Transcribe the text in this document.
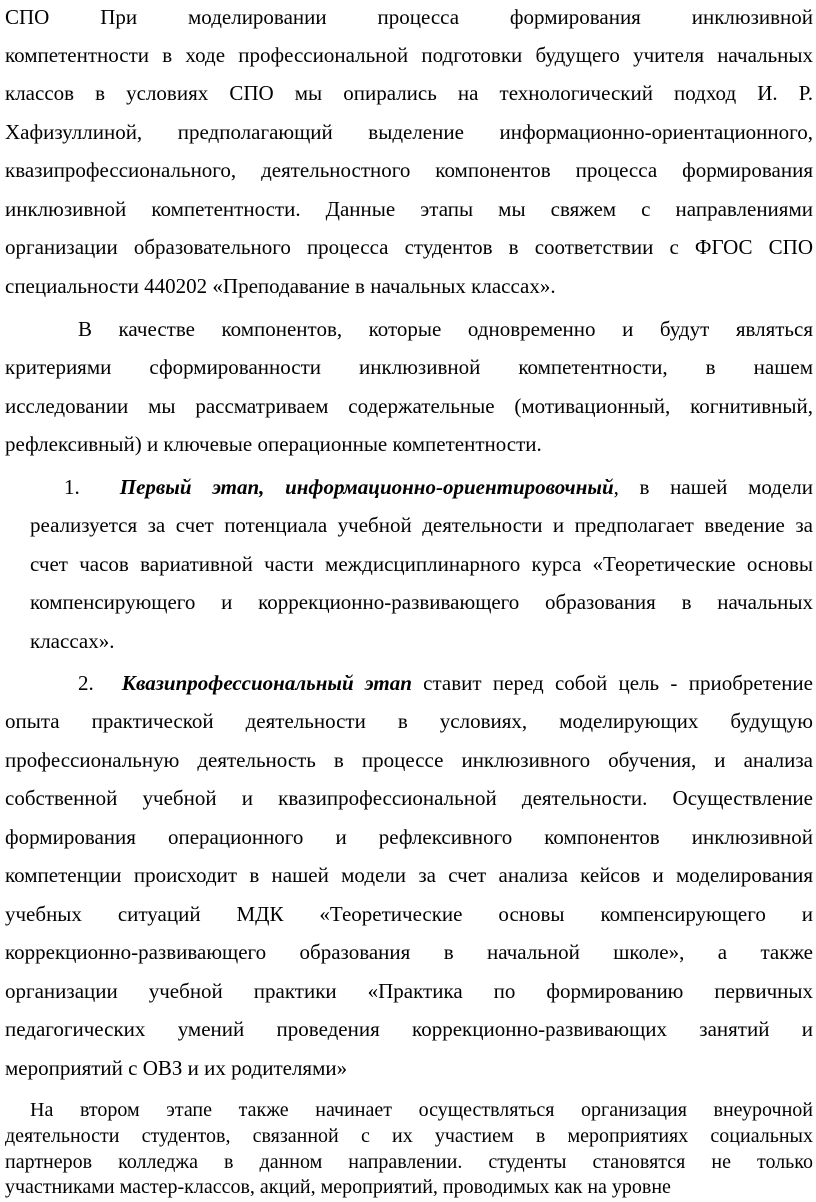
СПО При моделировании процесса формирования инклюзивной
компетентности в ходе профессиональной подготовки будущего учителя начальных
классов в условиях СПО мы опирались на технологический подход И. Р.
Хафизуллиной, предполагающий выделение информационно-ориентационного,
квазипрофессионального, деятельностного компонентов процесса формирования
инклюзивной компетентности. Данные этапы мы свяжем с направлениями
организации образовательного процесса студентов в соответствии с ФГОС СПО
специальности 440202 «Преподавание в начальных классах».
В качестве компонентов, которые одновременно и будут являться
критериями сформированности инклюзивной компетентности, в нашем
исследовании мы рассматриваем содержательные (мотивационный, когнитивный,
рефлексивный) и ключевые операционные компетентности.
1. Первый этап, информационно-ориентировочный, в нашей модели
реализуется за счет потенциала учебной деятельности и предполагает введение за
счет часов вариативной части междисциплинарного курса «Теоретические основы
компенсирующего и коррекционно-развивающего образования в начальных
классах».
2. Квазипрофессиональный этап ставит перед собой цель - приобретение
опыта практической деятельности в условиях, моделирующих будущую
профессиональную деятельность в процессе инклюзивного обучения, и анализа
собственной учебной и квазипрофессиональной деятельности. Осуществление
формирования операционного и рефлексивного компонентов инклюзивной
компетенции происходит в нашей модели за счет анализа кейсов и моделирования
учебных ситуаций МДК «Теоретические основы компенсирующего и
коррекционно-развивающего образования в начальной школе», а также
организации учебной практики «Практика по формированию первичных
педагогических умений проведения коррекционно-развивающих занятий и
мероприятий с ОВЗ и их родителями»
На втором этапе также начинает осуществляться организация внеурочной
деятельности студентов, связанной с их участием в мероприятиях социальных
партнеров колледжа в данном направлении. студенты становятся не только
участниками мастер-классов, акций, мероприятий, проводимых как на уровне
